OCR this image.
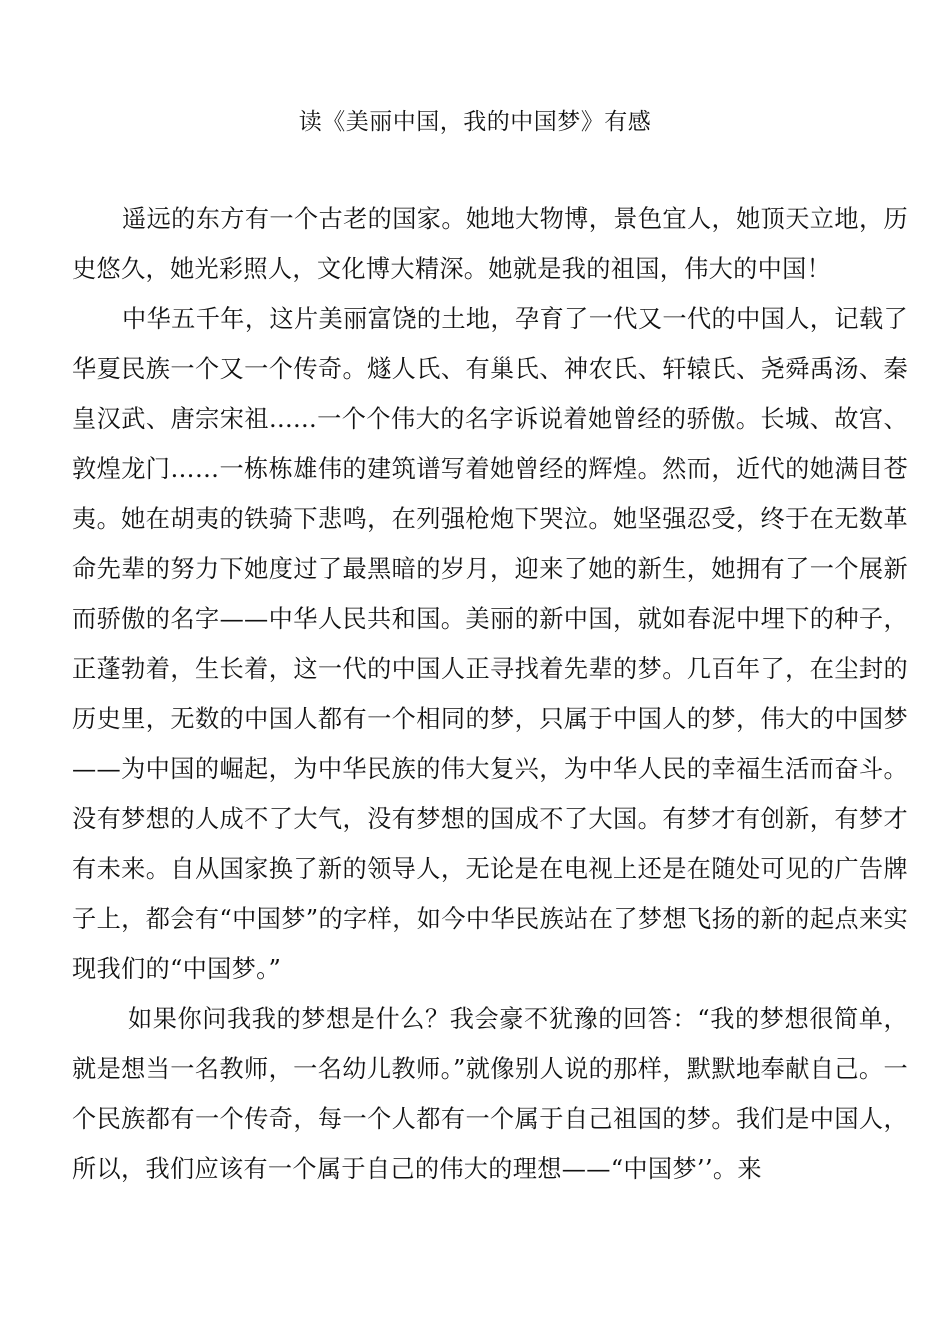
读《美丽中国，我的中国梦》有感

遥远的东方有一个古老的国家。她地大物博，景色宜人，她顶天立地，历史悠久，她光彩照人，文化博大精深。她就是我的祖国，伟大的中国！

中华五千年，这片美丽富饶的土地，孕育了一代又一代的中国人，记载了华夏民族一个又一个传奇。燧人氏、有巢氏、神农氏、轩辕氏、尧舜禹汤、秦皇汉武、唐宗宋祖......一个个伟大的名字诉说着她曾经的骄傲。长城、故宫、敦煌龙门……一栋栋雄伟的建筑谱写着她曾经的辉煌。然而，近代的她满目苍夷。她在胡夷的铁骑下悲鸣，在列强枪炮下哭泣。她坚强忍受，终于在无数革命先辈的努力下她度过了最黑暗的岁月，迎来了她的新生，她拥有了一个展新而骄傲的名字——中华人民共和国。美丽的新中国，就如春泥中埋下的种子，正蓬勃着，生长着，这一代的中国人正寻找着先辈的梦。几百年了，在尘封的历史里，无数的中国人都有一个相同的梦，只属于中国人的梦，伟大的中国梦——为中国的崛起，为中华民族的伟大复兴，为中华人民的幸福生活而奋斗。没有梦想的人成不了大气，没有梦想的国成不了大国。有梦才有创新，有梦才有未来。自从国家换了新的领导人，无论是在电视上还是在随处可见的广告牌子上，都会有“中国梦”的字样，如今中华民族站在了梦想飞扬的新的起点来实现我们的“中国梦。”

如果你问我我的梦想是什么？我会豪不犹豫的回答：“我的梦想很简单，就是想当一名教师，一名幼儿教师。”就像别人说的那样，默默地奉献自己。一个民族都有一个传奇，每一个人都有一个属于自己祖国的梦。我们是中国人，所以，我们应该有一个属于自己的伟大的理想——“中国梦’’。来
